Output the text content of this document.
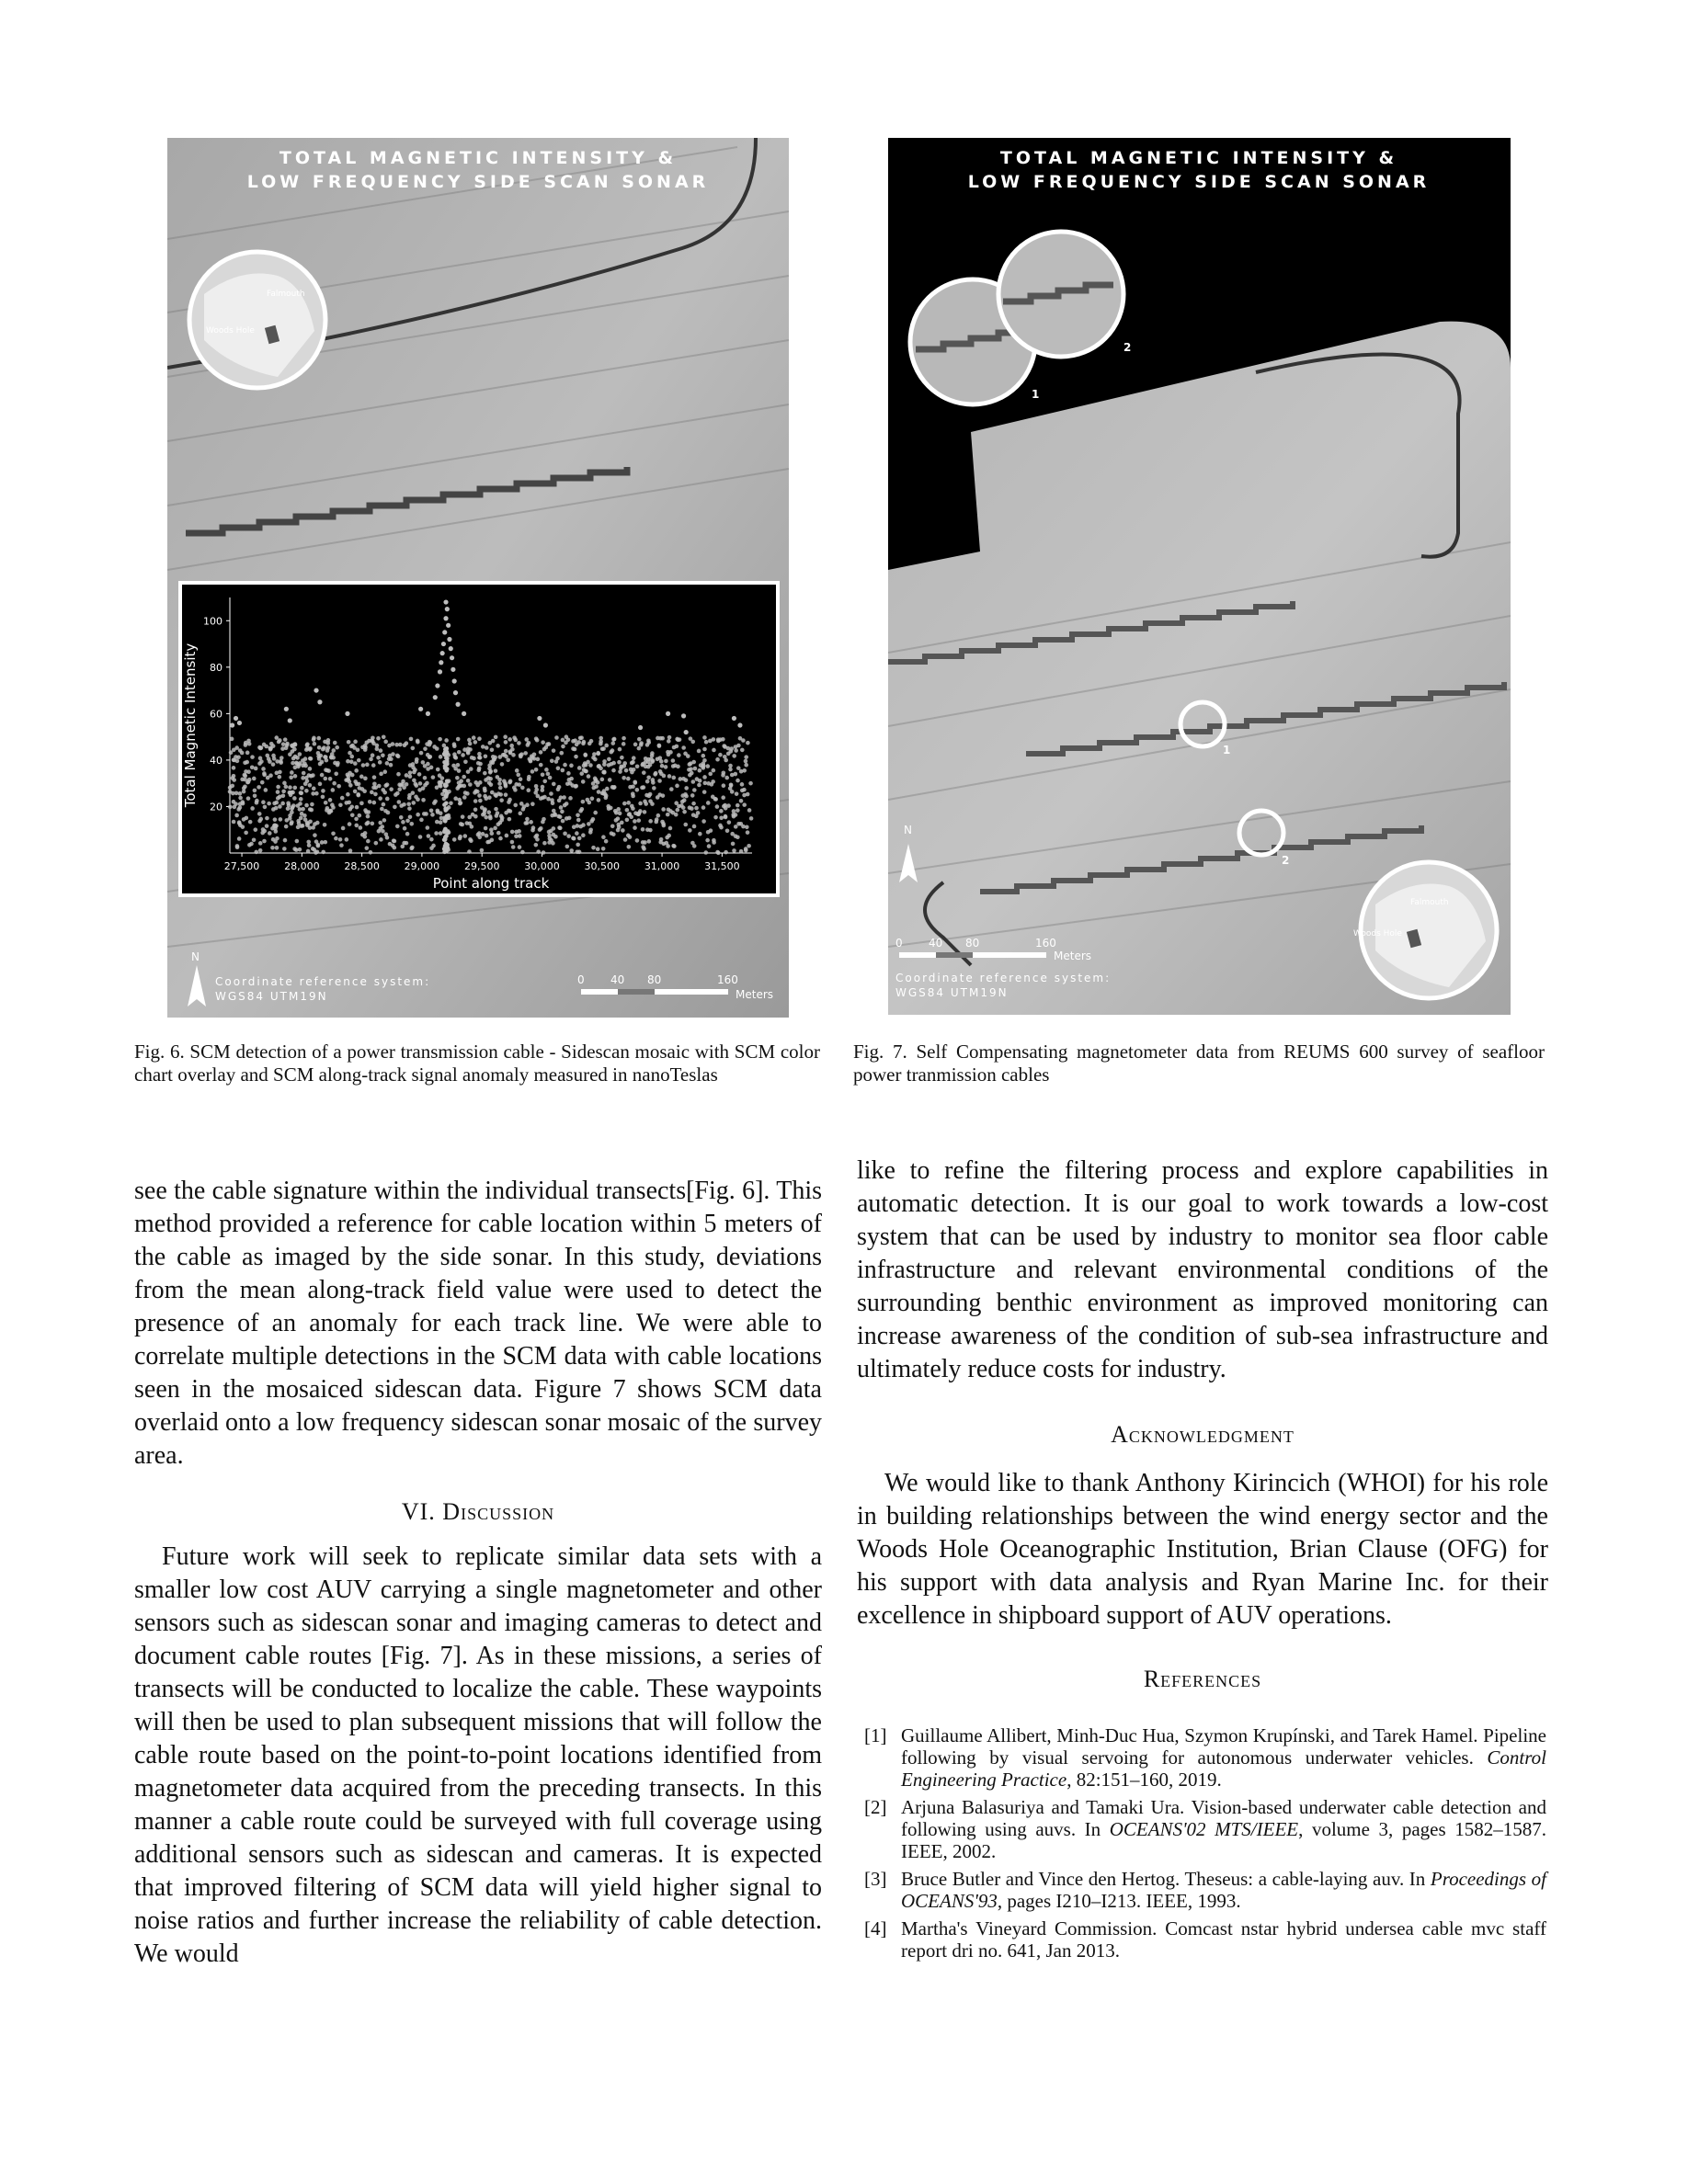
Falmouth
Woods Hole
TOTAL MAGNETIC INTENSITY &
LOW FREQUENCY SIDE SCAN SONAR
20
40
60
80
100
27,500 28,000 28,500 29,000 29,500 30,000 30,500 31,000 31,500
Point along track
Total Magnetic Intensity
N
Coordinate reference system:
WGS84 UTM19N
0 40 80	160
Meters
Fig. 6. SCM detection of a power transmission cable - Sidescan mosaic with SCM color chart overlay and SCM along-track signal anomaly measured in nanoTeslas
1
2
1
2
TOTAL MAGNETIC INTENSITY &
LOW FREQUENCY SIDE SCAN SONAR
N
0 40 80	160
Meters
Coordinate reference system:
WGS84 UTM19N
Falmouth
Woods Hole
Fig. 7. Self Compensating magnetometer data from REUMS 600 survey of seafloor power tranmission cables

see the cable signature within the individual transects[Fig. 6]. This method provided a reference for cable location within 5 meters of the cable as imaged by the side sonar. In this study, deviations from the mean along-track field value were used to detect the presence of an anomaly for each track line. We were able to correlate multiple detections in the SCM data with cable locations seen in the mosaiced sidescan data. Figure 7 shows SCM data overlaid onto a low frequency sidescan sonar mosaic of the survey area.

VI. Discussion

Future work will seek to replicate similar data sets with a smaller low cost AUV carrying a single magnetometer and other sensors such as sidescan sonar and imaging cameras to detect and document cable routes [Fig. 7]. As in these missions, a series of transects will be conducted to localize the cable. These waypoints will then be used to plan subsequent missions that will follow the cable route based on the point-to-point locations identified from magnetometer data acquired from the preceding transects. In this manner a cable route could be surveyed with full coverage using additional sensors such as sidescan and cameras. It is expected that improved filtering of SCM data will yield higher signal to noise ratios and further increase the reliability of cable detection. We would

like to refine the filtering process and explore capabilities in automatic detection. It is our goal to work towards a low-cost system that can be used by industry to monitor sea floor cable infrastructure and relevant environmental conditions of the surrounding benthic environment as improved monitoring can increase awareness of the condition of sub-sea infrastructure and ultimately reduce costs for industry.

Acknowledgment

We would like to thank Anthony Kirincich (WHOI) for his role in building relationships between the wind energy sector and the Woods Hole Oceanographic Institution, Brian Clause (OFG) for his support with data analysis and Ryan Marine Inc. for their excellence in shipboard support of AUV operations.

References
[1] Guillaume Allibert, Minh-Duc Hua, Szymon Krupínski, and Tarek Hamel. Pipeline following by visual servoing for autonomous underwater vehicles. Control Engineering Practice, 82:151–160, 2019.
[2] Arjuna Balasuriya and Tamaki Ura. Vision-based underwater cable detection and following using auvs. In OCEANS'02 MTS/IEEE, volume 3, pages 1582–1587. IEEE, 2002.
[3] Bruce Butler and Vince den Hertog. Theseus: a cable-laying auv. In Proceedings of OCEANS'93, pages I210–I213. IEEE, 1993.
[4] Martha's Vineyard Commission. Comcast nstar hybrid undersea cable mvc staff report dri no. 641, Jan 2013.
